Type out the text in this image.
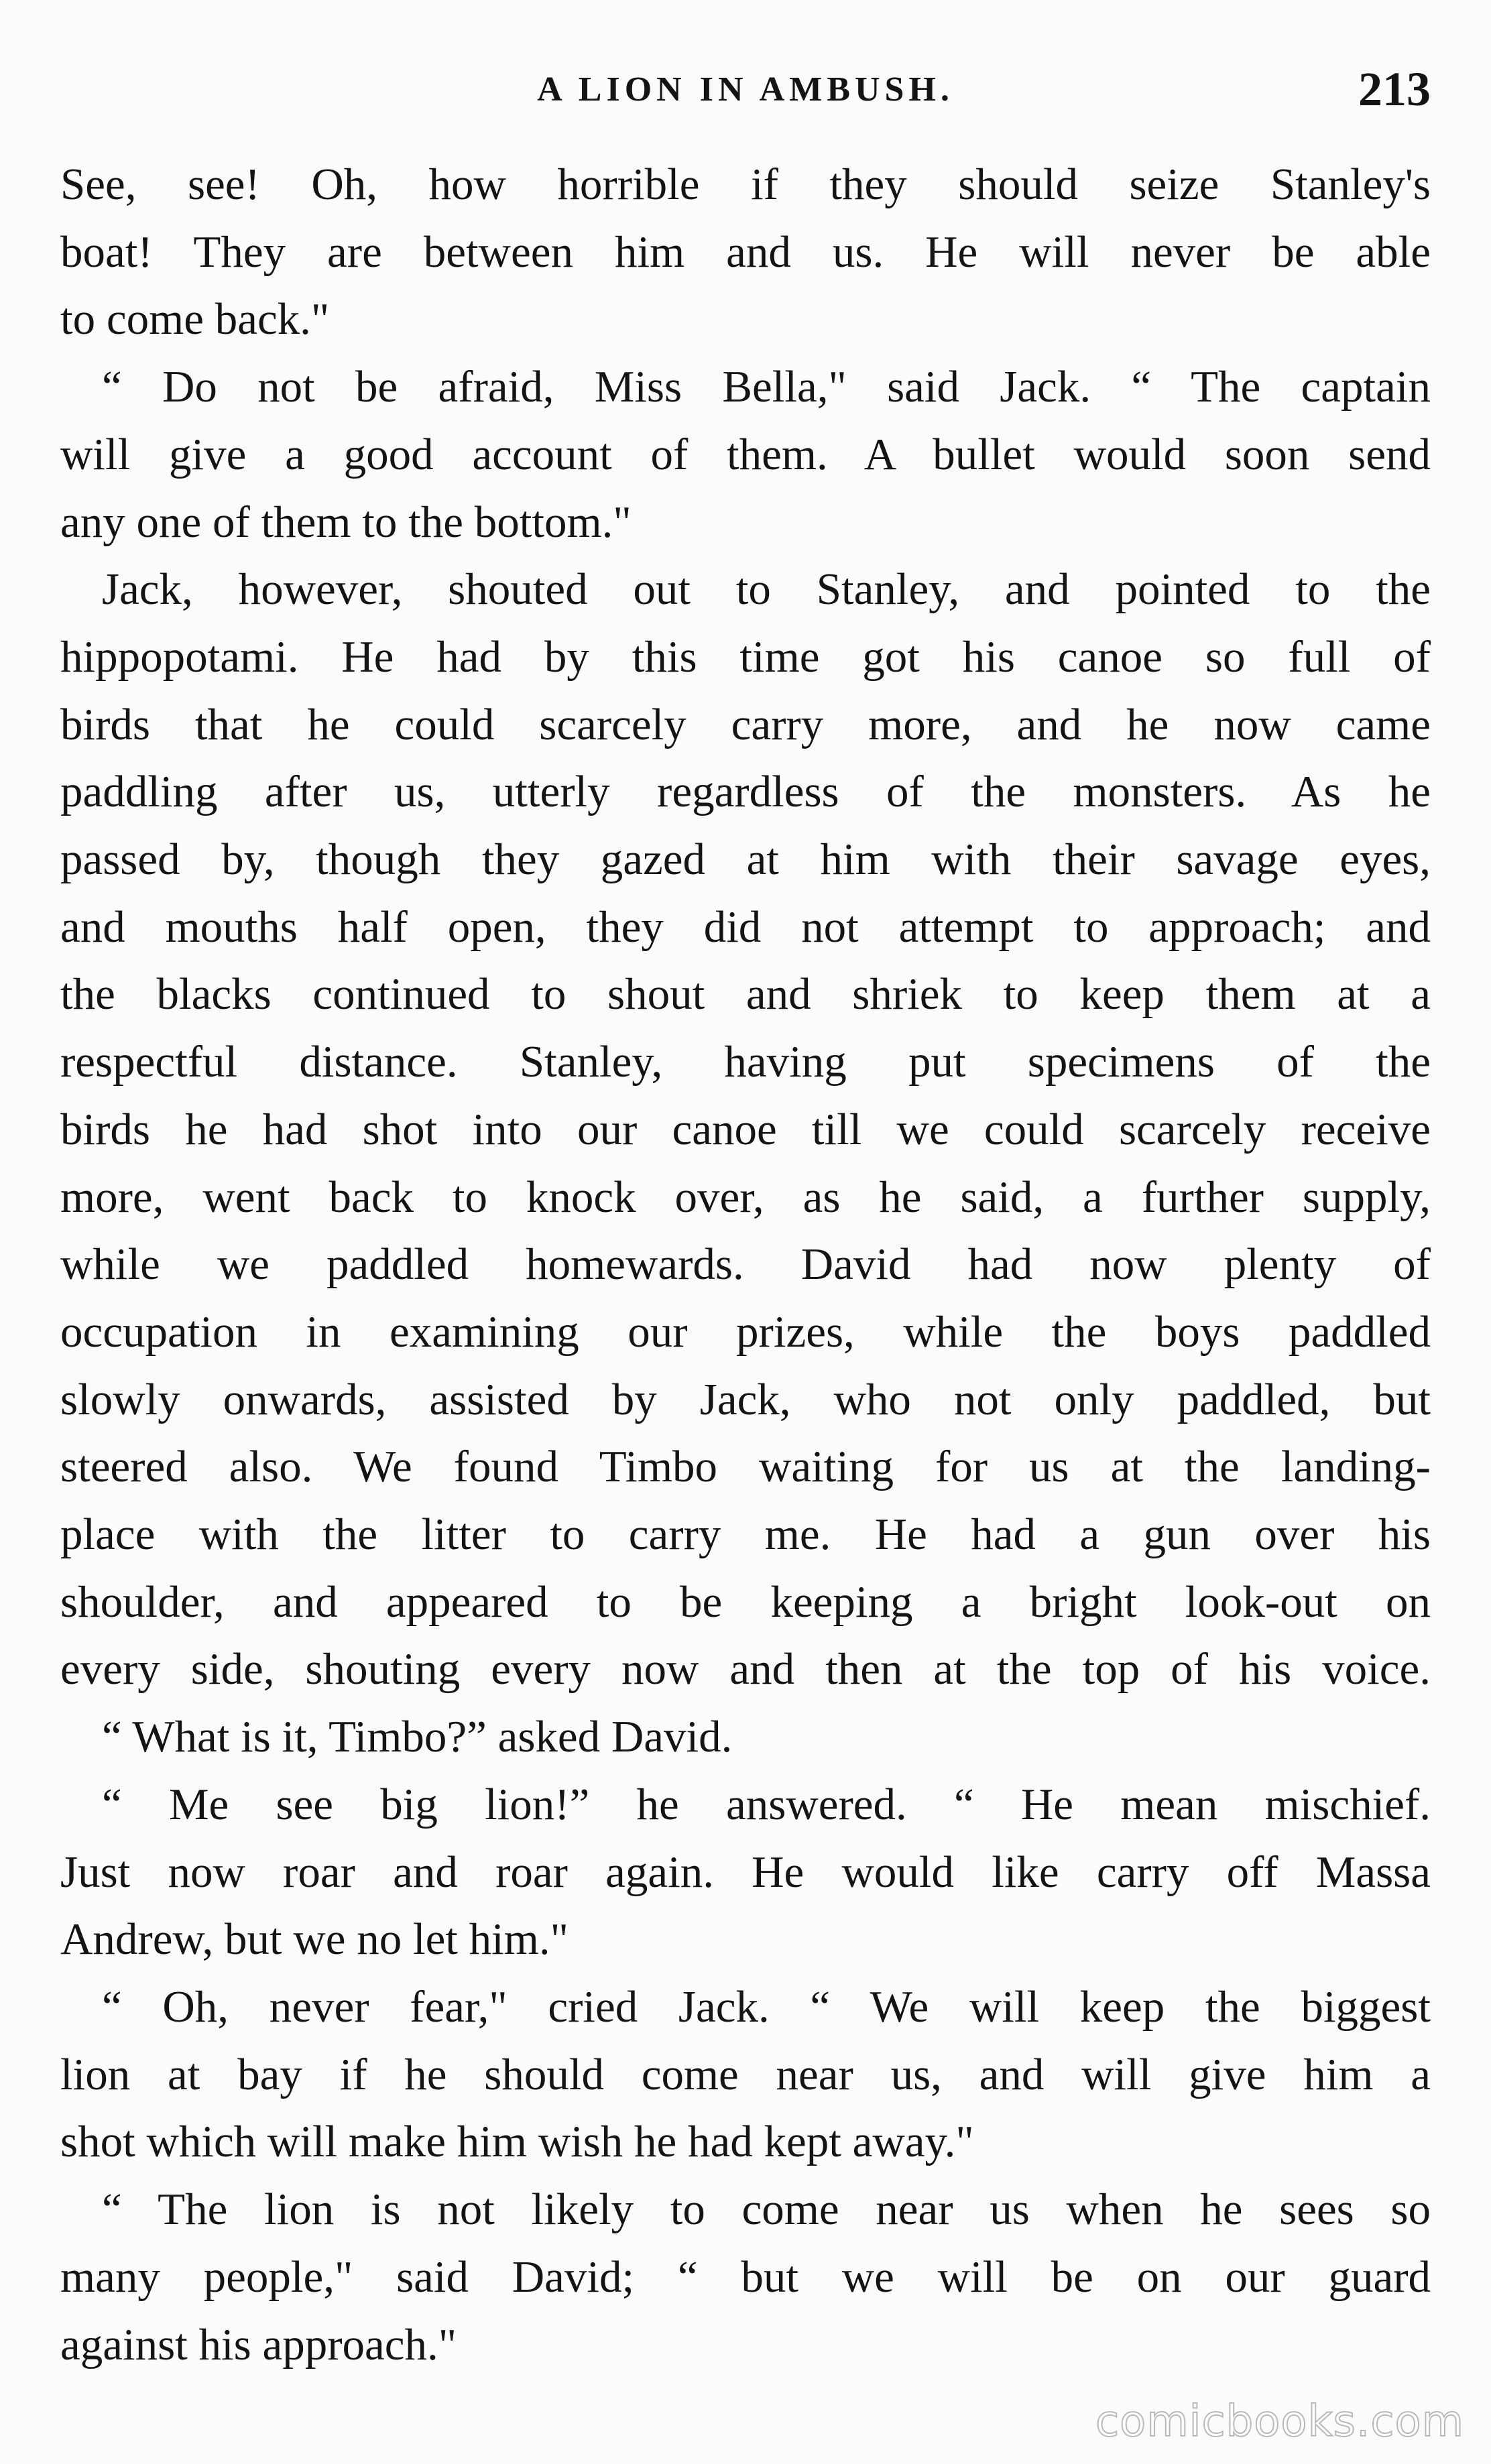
A LION IN AMBUSH.	213

See, see! Oh, how horrible if they should seize Stanley's

boat! They are between him and us. He will never be able

to come back."

“ Do not be afraid, Miss Bella," said Jack. “ The captain

will give a good account of them. A bullet would soon send

any one of them to the bottom."

Jack, however, shouted out to Stanley, and pointed to the

hippopotami. He had by this time got his canoe so full of

birds that he could scarcely carry more, and he now came

paddling after us, utterly regardless of the monsters. As he

passed by, though they gazed at him with their savage eyes,

and mouths half open, they did not attempt to approach; and

the blacks continued to shout and shriek to keep them at a

respectful distance. Stanley, having put specimens of the

birds he had shot into our canoe till we could scarcely receive

more, went back to knock over, as he said, a further supply,

while we paddled homewards. David had now plenty of

occupation in examining our prizes, while the boys paddled

slowly onwards, assisted by Jack, who not only paddled, but

steered also. We found Timbo waiting for us at the landing-

place with the litter to carry me. He had a gun over his

shoulder, and appeared to be keeping a bright look-out on

every side, shouting every now and then at the top of his voice.

“ What is it, Timbo?” asked David.

“ Me see big lion!” he answered. “ He mean mischief.

Just now roar and roar again. He would like carry off Massa

Andrew, but we no let him."

“ Oh, never fear," cried Jack. “ We will keep the biggest

lion at bay if he should come near us, and will give him a

shot which will make him wish he had kept away."

“ The lion is not likely to come near us when he sees so

many people," said David; “ but we will be on our guard

against his approach."

comicbooks.com
